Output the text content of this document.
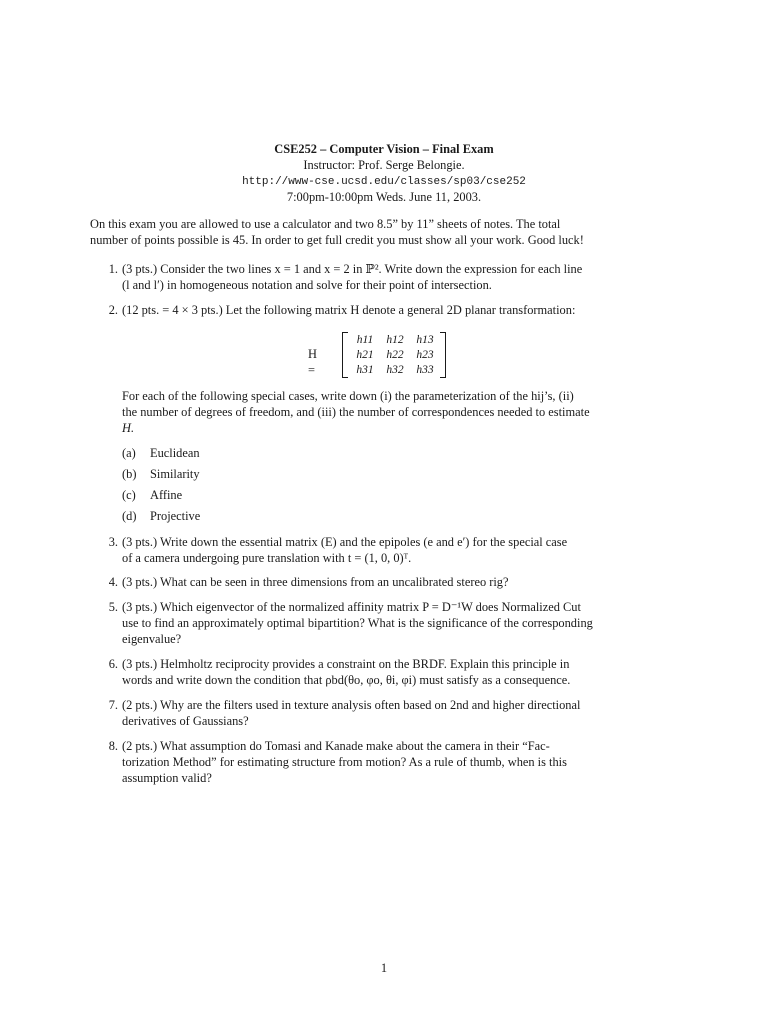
CSE252 – Computer Vision – Final Exam
Instructor: Prof. Serge Belongie.
http://www-cse.ucsd.edu/classes/sp03/cse252
7:00pm-10:00pm Weds. June 11, 2003.
On this exam you are allowed to use a calculator and two 8.5” by 11” sheets of notes. The total
number of points possible is 45. In order to get full credit you must show all your work. Good luck!
1. (3 pts.) Consider the two lines x = 1 and x = 2 in ℙ². Write down the expression for each line
(l and l′) in homogeneous notation and solve for their point of intersection.
2. (12 pts. = 4 × 3 pts.) Let the following matrix H denote a general 2D planar transformation:
H =
h11	h12	h13
h21	h22	h23
h31	h32	h33
For each of the following special cases, write down (i) the parameterization of the hij’s, (ii)
the number of degrees of freedom, and (iii) the number of correspondences needed to estimate
H.
(a)	Euclidean
(b)	Similarity
(c)	Affine
(d)	Projective
3. (3 pts.) Write down the essential matrix (E) and the epipoles (e and e′) for the special case
of a camera undergoing pure translation with t = (1, 0, 0)ᵀ.
4. (3 pts.) What can be seen in three dimensions from an uncalibrated stereo rig?
5. (3 pts.) Which eigenvector of the normalized affinity matrix P = D⁻¹W does Normalized Cut
use to find an approximately optimal bipartition? What is the significance of the corresponding
eigenvalue?
6. (3 pts.) Helmholtz reciprocity provides a constraint on the BRDF. Explain this principle in
words and write down the condition that ρbd(θo, φo, θi, φi) must satisfy as a consequence.
7. (2 pts.) Why are the filters used in texture analysis often based on 2nd and higher directional
derivatives of Gaussians?
8. (2 pts.) What assumption do Tomasi and Kanade make about the camera in their “Fac-
torization Method” for estimating structure from motion? As a rule of thumb, when is this
assumption valid?
1
